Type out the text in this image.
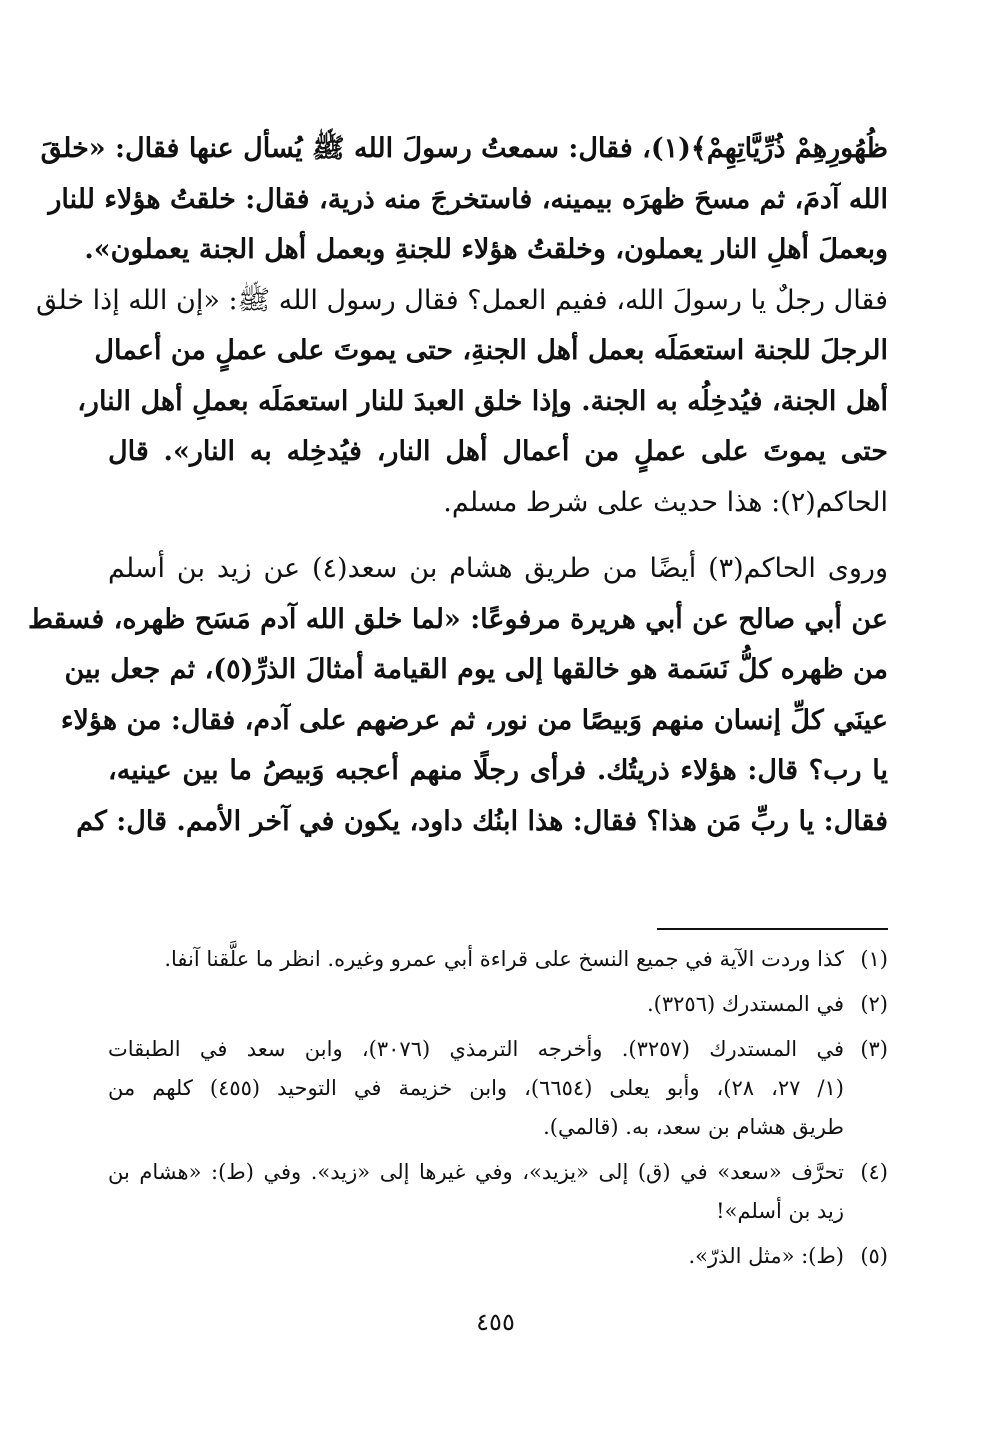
ظُهُورِهِمْ ذُرِّيَّاتِهِمْ﴾(١)، فقال: سمعتُ رسولَ الله ﷺ يُسأل عنها فقال: «خلقَ
الله آدمَ، ثم مسحَ ظهرَه بيمينه، فاستخرجَ منه ذرية، فقال: خلقتُ هؤلاء للنار
وبعملَ أهلِ النار يعملون، وخلقتُ هؤلاء للجنةِ وبعمل أهل الجنة يعملون».
فقال رجلٌ يا رسولَ الله، ففيم العمل؟ فقال رسول الله ﷺ: «إن الله إذا خلق
الرجلَ للجنة استعمَلَه بعمل أهل الجنةِ، حتى يموتَ على عملٍ من أعمال
أهل الجنة، فيُدخِلُه به الجنة. وإذا خلق العبدَ للنار استعمَلَه بعملِ أهل النار،
حتى يموتَ على عملٍ من أعمال أهل النار، فيُدخِله به النار». قال
الحاكم(٢): هذا حديث على شرط مسلم.
وروى الحاكم(٣) أيضًا من طريق هشام بن سعد(٤) عن زيد بن أسلم
عن أبي صالح عن أبي هريرة مرفوعًا: «لما خلق الله آدم مَسَح ظهره، فسقط
من ظهره كلُّ نَسَمة هو خالقها إلى يوم القيامة أمثالَ الذرِّ(٥)، ثم جعل بين
عينَي كلِّ إنسان منهم وَبيصًا من نور، ثم عرضهم على آدم، فقال: من هؤلاء
يا رب؟ قال: هؤلاء ذريتُك. فرأى رجلًا منهم أعجبه وَبيصُ ما بين عينيه،
فقال: يا ربِّ مَن هذا؟ فقال: هذا ابنُك داود، يكون في آخر الأمم. قال: كم
(١)
كذا وردت الآية في جميع النسخ على قراءة أبي عمرو وغيره. انظر ما علَّقنا آنفا.
(٢)
في المستدرك (٣٢٥٦).
(٣)
في المستدرك (٣٢٥٧). وأخرجه الترمذي (٣٠٧٦)، وابن سعد في الطبقات
(١/ ٢٧، ٢٨)، وأبو يعلى (٦٦٥٤)، وابن خزيمة في التوحيد (٤٥٥) كلهم من
طريق هشام بن سعد، به. (قالمي).
(٤)
تحرَّف «سعد» في (ق) إلى «يزيد»، وفي غيرها إلى «زيد». وفي (ط): «هشام بن
زيد بن أسلم»!
(٥)
(ط): «مثل الذرّ».
٤٥٥
